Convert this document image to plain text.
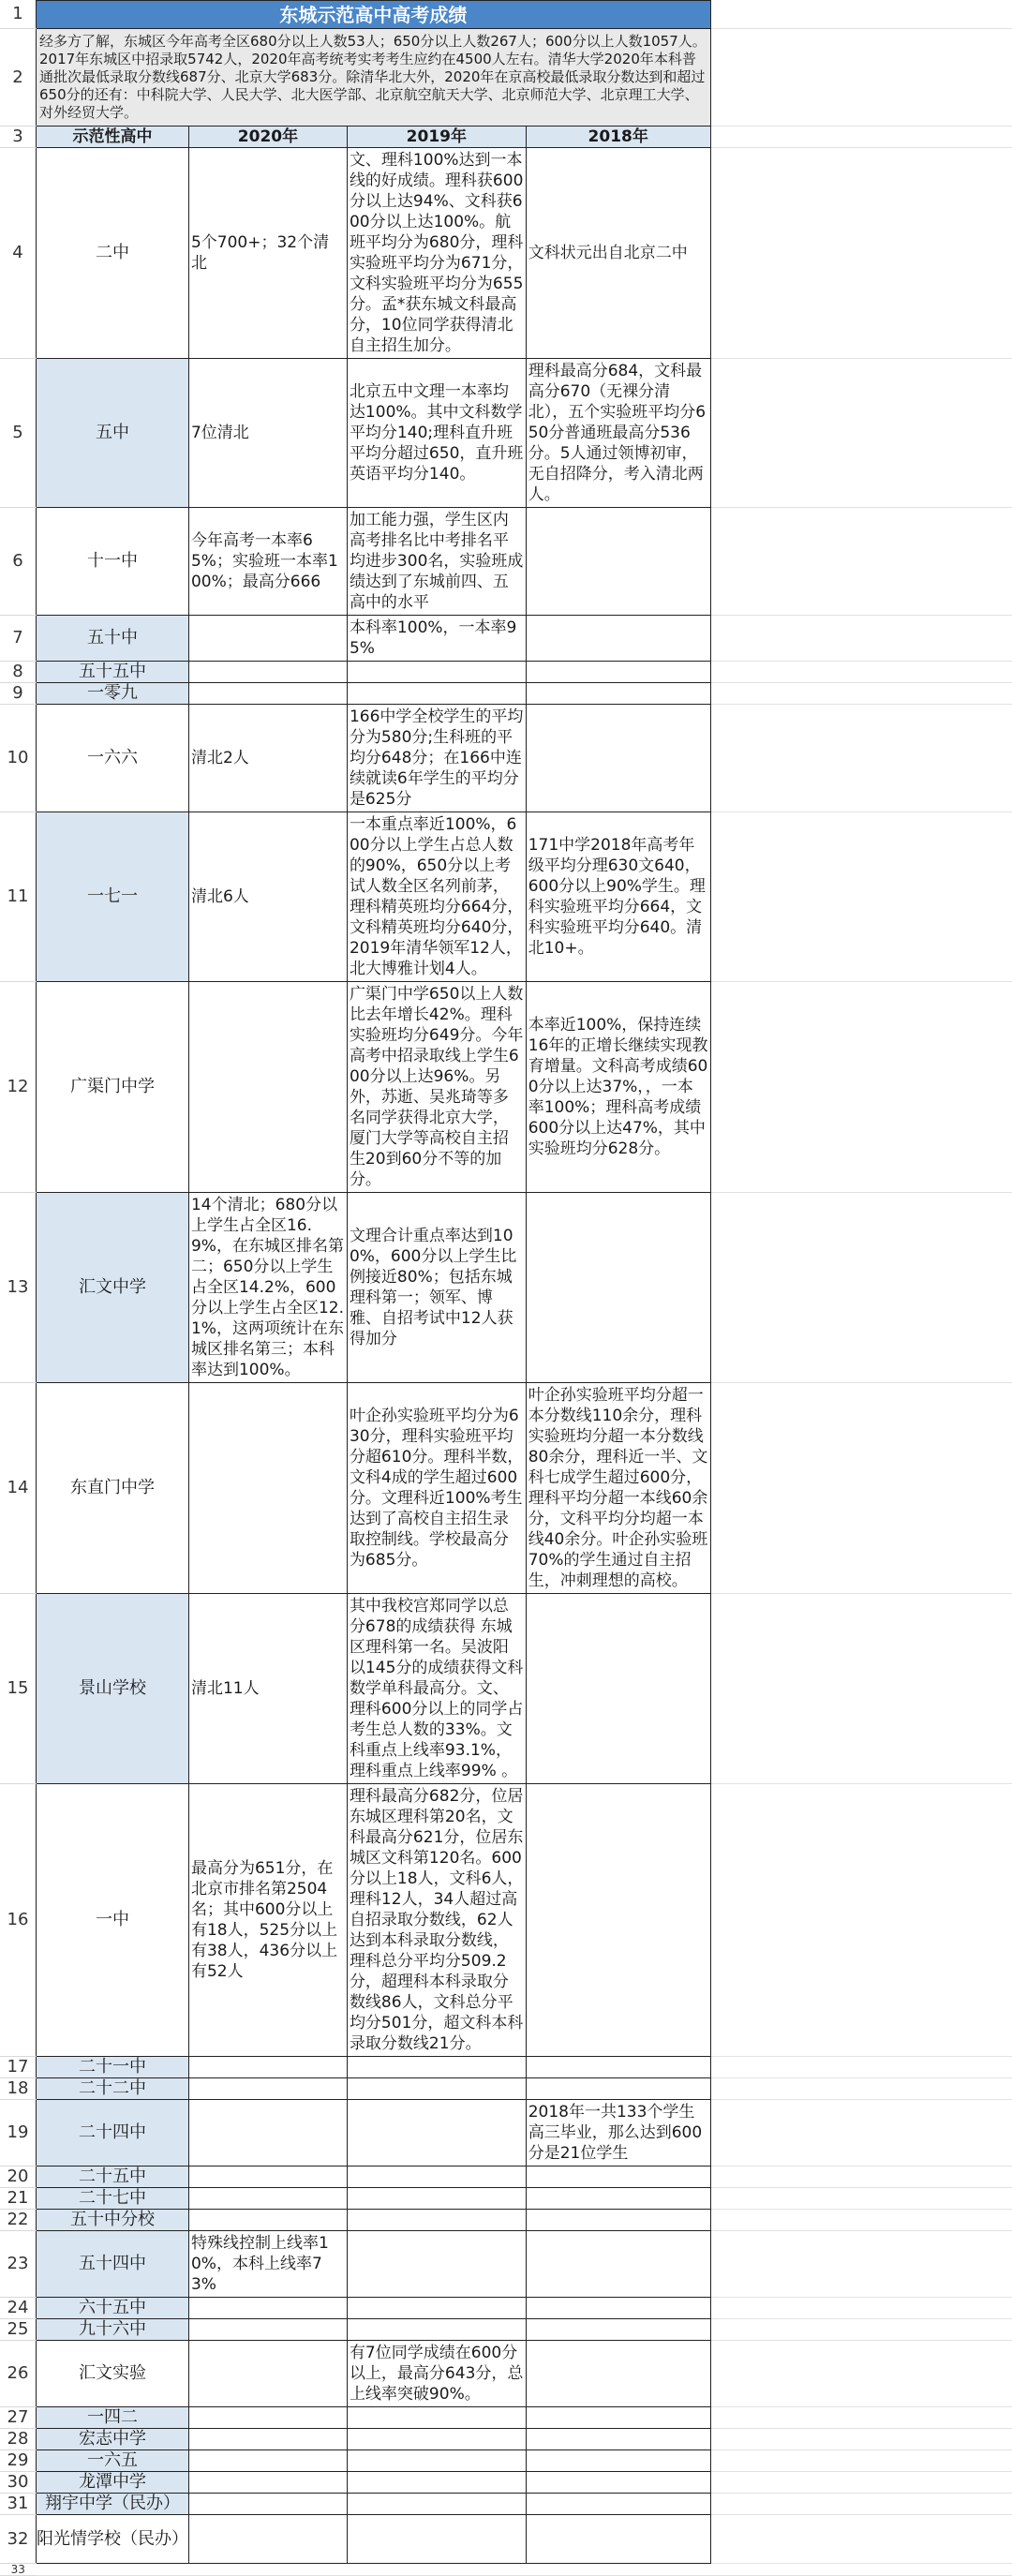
1	东城示范高中高考成绩				
2	经多方了解，东城区今年高考全区680分以上人数53人；650分以上人数267人；600分以上人数1057人。2017年东城区中招录取5742人，2020年高考统考实考考生应约在4500人左右。清华大学2020年本科普通批次最低录取分数线687分、北京大学683分。除清华北大外，2020年在京高校最低录取分数达到和超过650分的还有：中科院大学、人民大学、北大医学部、北京航空航天大学、北京师范大学、北京理工大学、对外经贸大学。				
3	示范性高中	2020年	2019年	2018年	
4	二中	5个700+；32个清北	文、理科100%达到一本线的好成绩。理科获600分以上达94%、文科获600分以上达100%。航班平均分为680分，理科实验班平均分为671分，文科实验班平均分为655分。孟*获东城文科最高分，10位同学获得清北自主招生加分。	文科状元出自北京二中	
5	五中	7位清北	北京五中文理一本率均达100%。其中文科数学平均分140;理科直升班平均分超过650，直升班英语平均分140。	理科最高分684，文科最高分670（无裸分清北），五个实验班平均分650分普通班最高分536分。5人通过领博初审，无自招降分，考入清北两人。	
6	十一中	今年高考一本率65%；实验班一本率100%；最高分666	加工能力强，学生区内高考排名比中考排名平均进步300名，实验班成绩达到了东城前四、五高中的水平		
7	五十中		本科率100%，一本率95%		
8	五十五中				
9	一零九				
10	一六六	清北2人	166中学全校学生的平均分为580分;生科班的平均分648分；在166中连续就读6年学生的平均分是625分		
11	一七一	清北6人	一本重点率近100%，600分以上学生占总人数的90%，650分以上考试人数全区名列前茅，理科精英班均分664分，文科精英班均分640分，2019年清华领军12人，北大博雅计划4人。	171中学2018年高考年级平均分理630文640，600分以上90%学生。理科实验班平均分664，文科实验班平均分640。清北10+。	
12	广渠门中学		广渠门中学650以上人数比去年增长42%。理科实验班均分649分。今年高考中招录取线上学生600分以上达96%。另外，苏逝、吴兆琦等多名同学获得北京大学，厦门大学等高校自主招生20到60分不等的加分。	本率近100%，保持连续16年的正增长继续实现教育增量。文科高考成绩600分以上达37%，，一本率100%；理科高考成绩600分以上达47%，其中实验班均分628分。	
13	汇文中学	14个清北；680分以上学生占全区16.9%，在东城区排名第二；650分以上学生占全区14.2%，600分以上学生占全区12.1%，这两项统计在东城区排名第三；本科率达到100%。	文理合计重点率达到100%，600分以上学生比例接近80%；包括东城理科第一；领军、博雅、自招考试中12人获得加分		
14	东直门中学		叶企孙实验班平均分为630分，理科实验班平均分超610分。理科半数，文科4成的学生超过600分。文理科近100%考生达到了高校自主招生录取控制线。学校最高分为685分。	叶企孙实验班平均分超一本分数线110余分，理科实验班均分超一本分数线80余分，理科近一半、文科七成学生超过600分，理科平均分超一本线60余分，文科平均分均超一本线40余分。叶企孙实验班70%的学生通过自主招生，冲刺理想的高校。	
15	景山学校	清北11人	其中我校宫郑同学以总分678的成绩获得 东城区理科第一名。吴波阳以145分的成绩获得文科数学单科最高分。文、理科600分以上的同学占考生总人数的33%。文科重点上线率93.1%，理科重点上线率99% 。		
16	一中	最高分为651分，在北京市排名第2504名；其中600分以上有18人，525分以上有38人，436分以上有52人	理科最高分682分，位居东城区理科第20名，文科最高分621分，位居东城区文科第120名。600分以上18人，文科6人，理科12人，34人超过高自招录取分数线，62人达到本科录取分数线，理科总分平均分509.2分，超理科本科录取分数线86人，文科总分平均分501分，超文科本科录取分数线21分。		
17	二十一中				
18	二十二中				
19	二十四中			2018年一共133个学生高三毕业，那么达到600分是21位学生	
20	二十五中				
21	二十七中				
22	五十中分校				
23	五十四中	特殊线控制上线率10%，本科上线率73%			
24	六十五中				
25	九十六中				
26	汇文实验		有7位同学成绩在600分以上，最高分643分，总上线率突破90%。		
27	一四二				
28	宏志中学				
29	一六五				
30	龙潭中学				
31	翔宇中学（民办）				
32	阳光情学校（民办）				
33					
